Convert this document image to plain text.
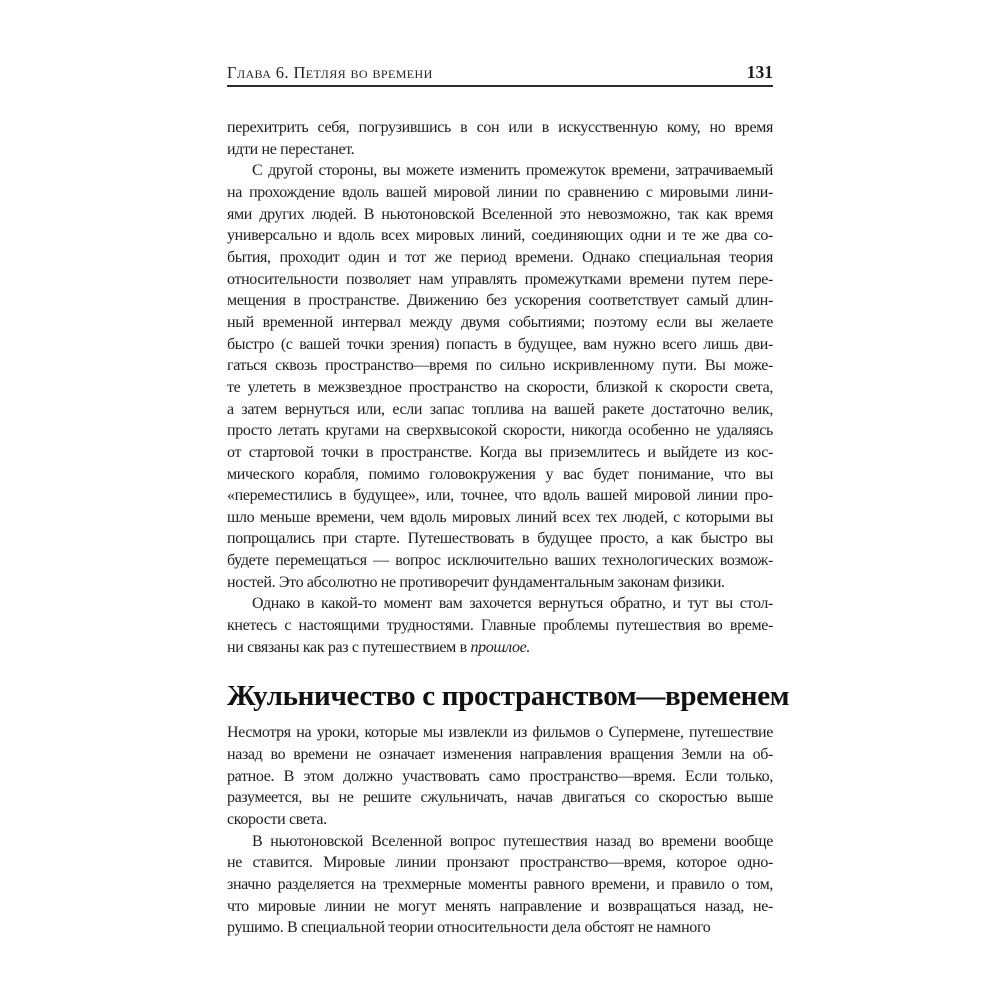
Глава 6. Петляя во времени	131
перехитрить себя, погрузившись в сон или в искусственную кому, но время
идти не перестанет.
С другой стороны, вы можете изменить промежуток времени, затрачиваемый
на прохождение вдоль вашей мировой линии по сравнению с мировыми лини-
ями других людей. В ньютоновской Вселенной это невозможно, так как время
универсально и вдоль всех мировых линий, соединяющих одни и те же два со-
бытия, проходит один и тот же период времени. Однако специальная теория
относительности позволяет нам управлять промежутками времени путем пере-
мещения в пространстве. Движению без ускорения соответствует самый длин-
ный временной интервал между двумя событиями; поэтому если вы желаете
быстро (с вашей точки зрения) попасть в будущее, вам нужно всего лишь дви-
гаться сквозь пространство—время по сильно искривленному пути. Вы може-
те улететь в межзвездное пространство на скорости, близкой к скорости света,
а затем вернуться или, если запас топлива на вашей ракете достаточно велик,
просто летать кругами на сверхвысокой скорости, никогда особенно не удаляясь
от стартовой точки в пространстве. Когда вы приземлитесь и выйдете из кос-
мического корабля, помимо головокружения у вас будет понимание, что вы
«переместились в будущее», или, точнее, что вдоль вашей мировой линии про-
шло меньше времени, чем вдоль мировых линий всех тех людей, с которыми вы
попрощались при старте. Путешествовать в будущее просто, а как быстро вы
будете перемещаться — вопрос исключительно ваших технологических возмож-
ностей. Это абсолютно не противоречит фундаментальным законам физики.
Однако в какой-то момент вам захочется вернуться обратно, и тут вы стол-
кнетесь с настоящими трудностями. Главные проблемы путешествия во време-
ни связаны как раз с путешествием в прошлое.
Жульничество с пространством—временем
Несмотря на уроки, которые мы извлекли из фильмов о Супермене, путешествие
назад во времени не означает изменения направления вращения Земли на об-
ратное. В этом должно участвовать само пространство—время. Если только,
разумеется, вы не решите сжульничать, начав двигаться со скоростью выше
скорости света.
В ньютоновской Вселенной вопрос путешествия назад во времени вообще
не ставится. Мировые линии пронзают пространство—время, которое одно-
значно разделяется на трехмерные моменты равного времени, и правило о том,
что мировые линии не могут менять направление и возвращаться назад, не-
рушимо. В специальной теории относительности дела обстоят не намного
